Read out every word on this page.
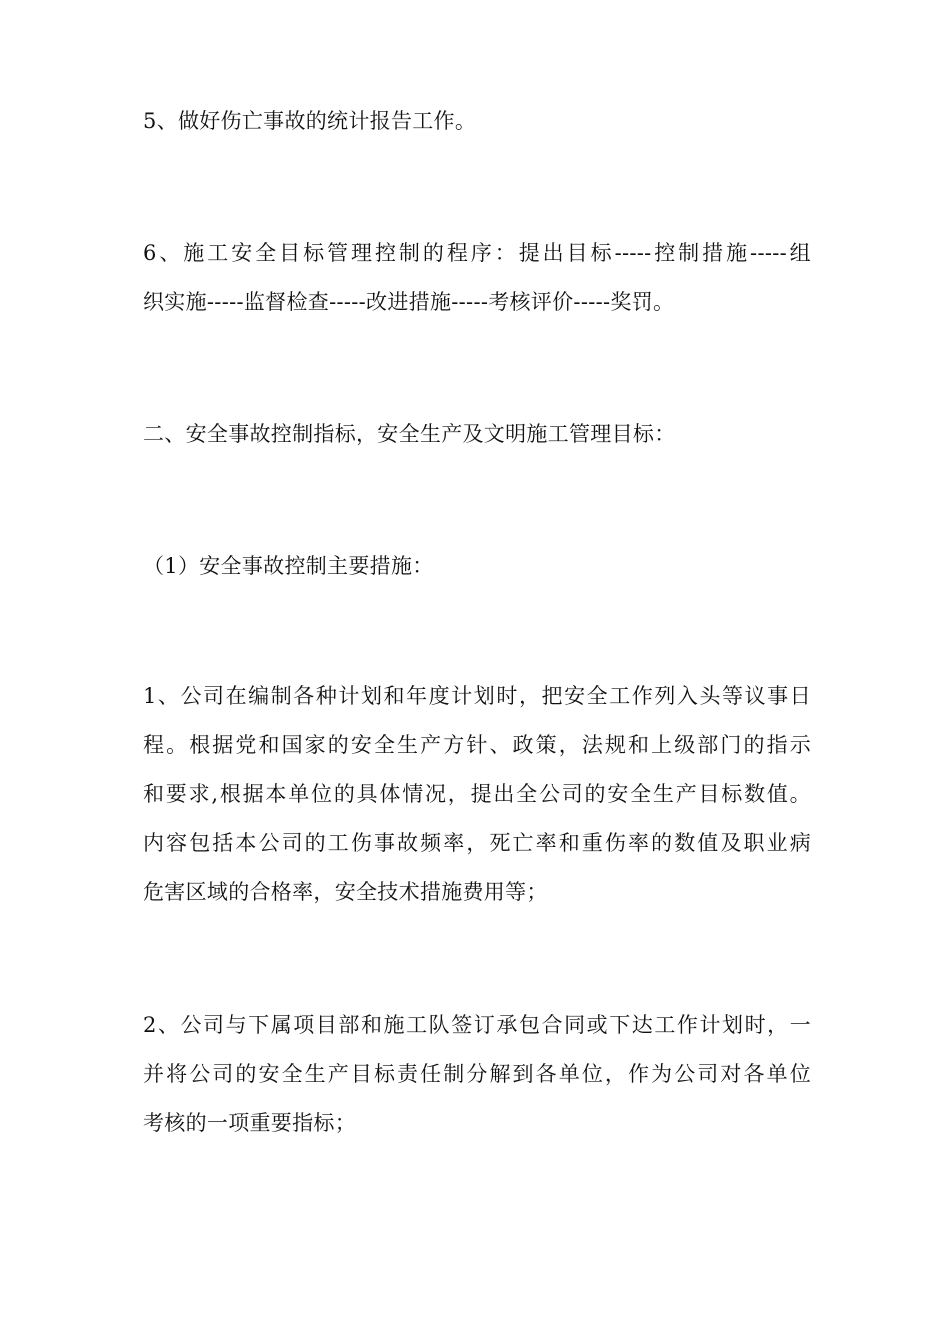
5、做好伤亡事故的统计报告工作。
6、施工安全目标管理控制的程序：提出目标-----控制措施-----组
织实施-----监督检查-----改进措施-----考核评价-----奖罚。
二、安全事故控制指标，安全生产及文明施工管理目标：
（1）安全事故控制主要措施：
1、公司在编制各种计划和年度计划时，把安全工作列入头等议事日
程。根据党和国家的安全生产方针、政策，法规和上级部门的指示
和要求,根据本单位的具体情况，提出全公司的安全生产目标数值。
内容包括本公司的工伤事故频率，死亡率和重伤率的数值及职业病
危害区域的合格率，安全技术措施费用等；
2、公司与下属项目部和施工队签订承包合同或下达工作计划时，一
并将公司的安全生产目标责任制分解到各单位，作为公司对各单位
考核的一项重要指标；
